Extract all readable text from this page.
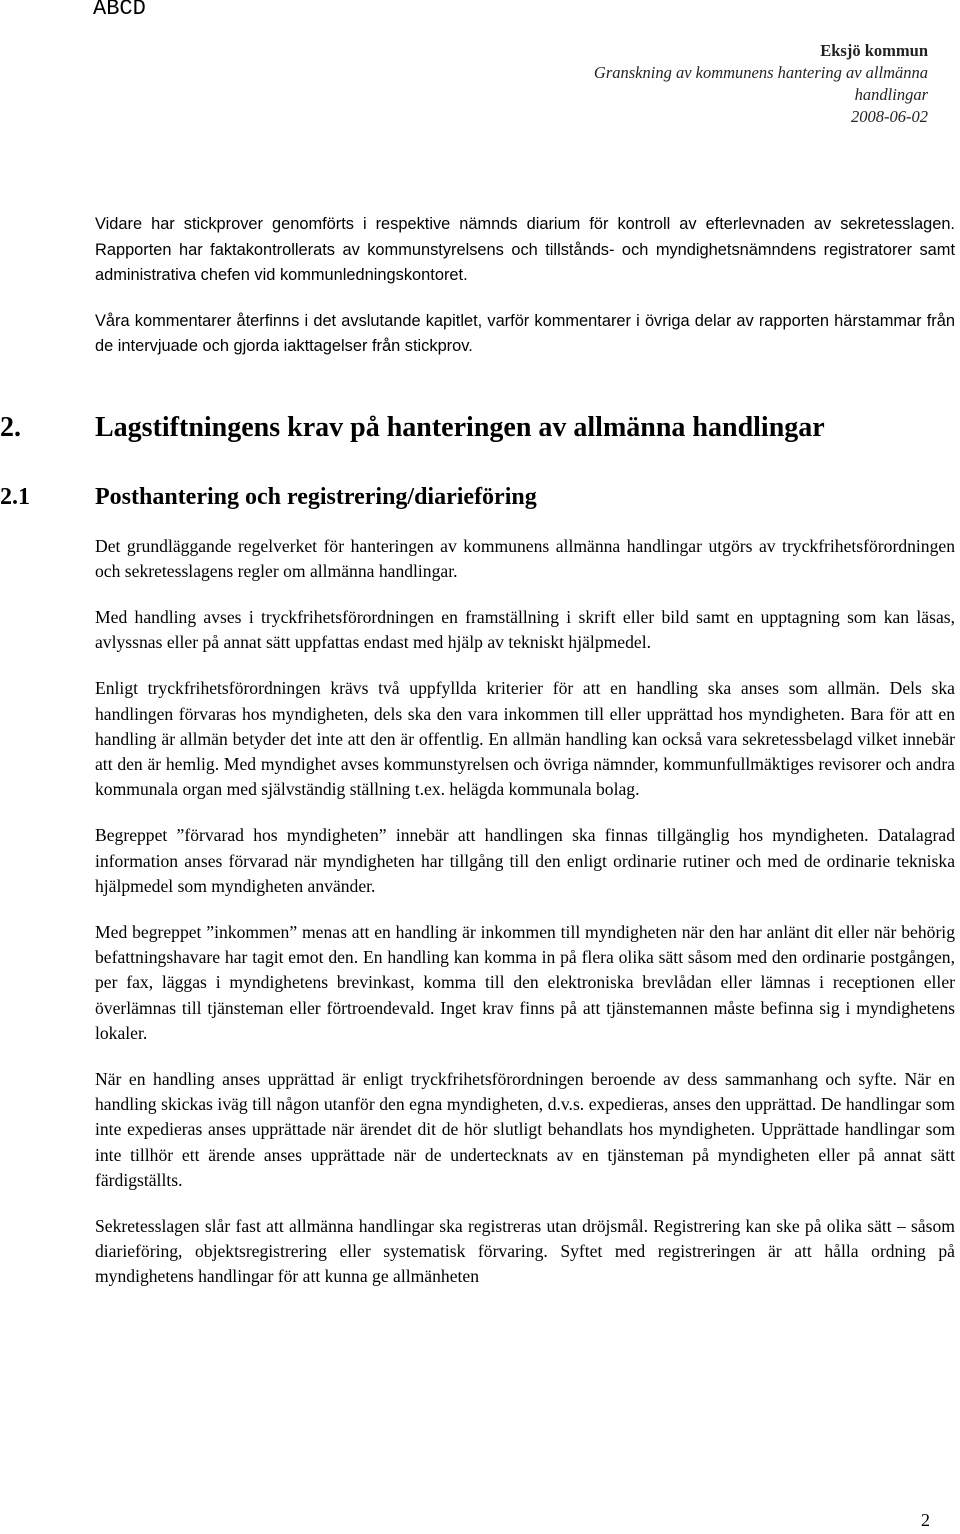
ABCD
Eksjö kommun
Granskning av kommunens hantering av allmänna
handlingar
2008-06-02

Vidare har stickprover genomförts i respektive nämnds diarium för kontroll av efterlevnaden av sekretesslagen. Rapporten har faktakontrollerats av kommunstyrelsens och tillstånds- och myndighetsnämndens registratorer samt administrativa chefen vid kommunledningskontoret.

Våra kommentarer återfinns i det avslutande kapitlet, varför kommentarer i övriga delar av rapporten härstammar från de intervjuade och gjorda iakttagelser från stickprov.

2.	Lagstiftningens krav på hanteringen av allmänna handlingar
2.1	Posthantering och registrering/diarieföring

Det grundläggande regelverket för hanteringen av kommunens allmänna handlingar utgörs av tryckfrihetsförordningen och sekretesslagens regler om allmänna handlingar.

Med handling avses i tryckfrihetsförordningen en framställning i skrift eller bild samt en upptagning som kan läsas, avlyssnas eller på annat sätt uppfattas endast med hjälp av tekniskt hjälpmedel.

Enligt tryckfrihetsförordningen krävs två uppfyllda kriterier för att en handling ska anses som allmän. Dels ska handlingen förvaras hos myndigheten, dels ska den vara inkommen till eller upprättad hos myndigheten. Bara för att en handling är allmän betyder det inte att den är offentlig. En allmän handling kan också vara sekretessbelagd vilket innebär att den är hemlig. Med myndighet avses kommunstyrelsen och övriga nämnder, kommunfullmäktiges revisorer och andra kommunala organ med självständig ställning t.ex. helägda kommunala bolag.

Begreppet ”förvarad hos myndigheten” innebär att handlingen ska finnas tillgänglig hos myndigheten. Datalagrad information anses förvarad när myndigheten har tillgång till den enligt ordinarie rutiner och med de ordinarie tekniska hjälpmedel som myndigheten använder.

Med begreppet ”inkommen” menas att en handling är inkommen till myndigheten när den har anlänt dit eller när behörig befattningshavare har tagit emot den. En handling kan komma in på flera olika sätt såsom med den ordinarie postgången, per fax, läggas i myndighetens brevinkast, komma till den elektroniska brevlådan eller lämnas i receptionen eller överlämnas till tjänsteman eller förtroendevald. Inget krav finns på att tjänstemannen måste befinna sig i myndighetens lokaler.

När en handling anses upprättad är enligt tryckfrihetsförordningen beroende av dess sammanhang och syfte. När en handling skickas iväg till någon utanför den egna myndigheten, d.v.s. expedieras, anses den upprättad. De handlingar som inte expedieras anses upprättade när ärendet dit de hör slutligt behandlats hos myndigheten. Upprättade handlingar som inte tillhör ett ärende anses upprättade när de undertecknats av en tjänsteman på myndigheten eller på annat sätt färdigställts.

Sekretesslagen slår fast att allmänna handlingar ska registreras utan dröjsmål. Registrering kan ske på olika sätt – såsom diarieföring, objektsregistrering eller systematisk förvaring. Syftet med registreringen är att hålla ordning på myndighetens handlingar för att kunna ge allmänheten

2
